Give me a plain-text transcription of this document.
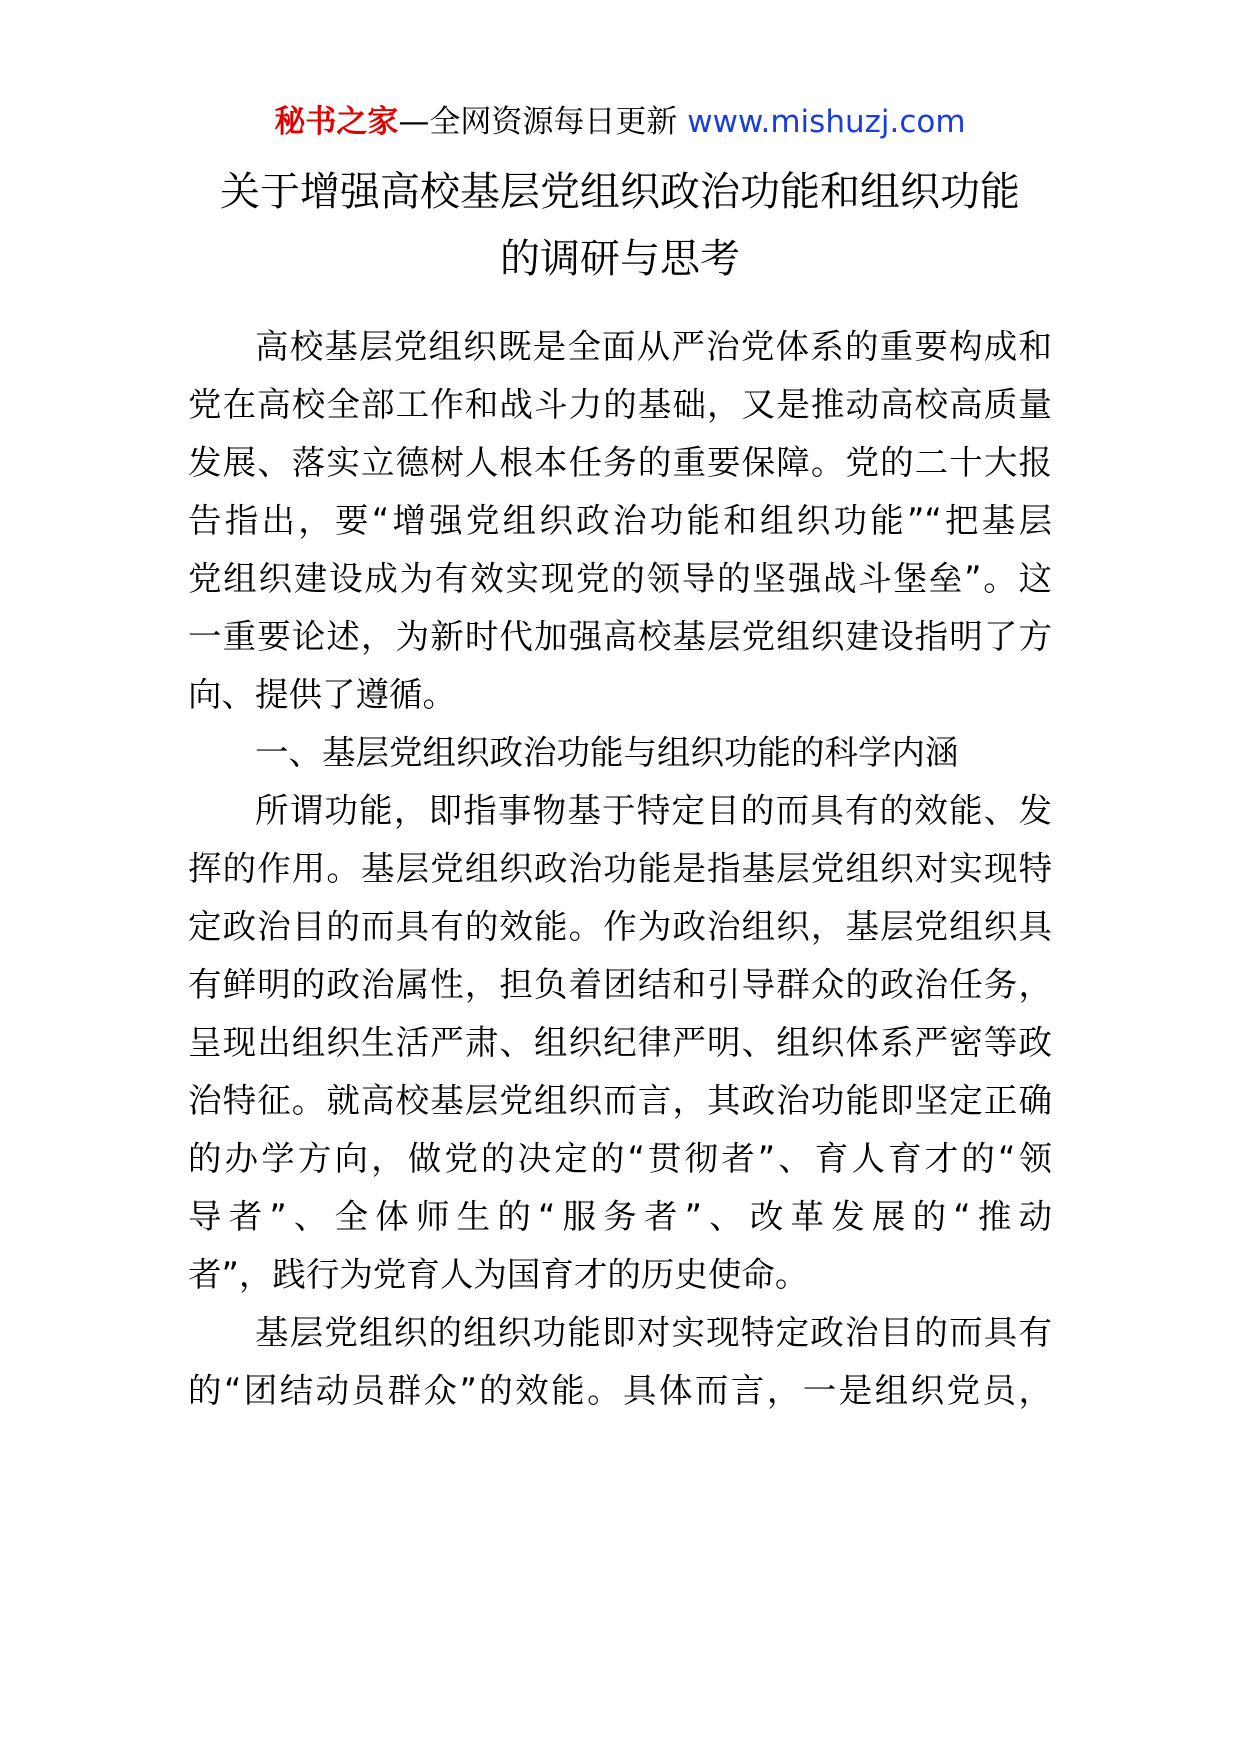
秘书之家—全网资源每日更新 www.mishuzj.com
关于增强高校基层党组织政治功能和组织功能
的调研与思考
高校基层党组织既是全面从严治党体系的重要构成和
党在高校全部工作和战斗力的基础，又是推动高校高质量
发展、落实立德树人根本任务的重要保障。党的二十大报
告指出，要“增强党组织政治功能和组织功能”“把基层
党组织建设成为有效实现党的领导的坚强战斗堡垒”。这
一重要论述，为新时代加强高校基层党组织建设指明了方
向、提供了遵循。
一、基层党组织政治功能与组织功能的科学内涵
所谓功能，即指事物基于特定目的而具有的效能、发
挥的作用。基层党组织政治功能是指基层党组织对实现特
定政治目的而具有的效能。作为政治组织，基层党组织具
有鲜明的政治属性，担负着团结和引导群众的政治任务，
呈现出组织生活严肃、组织纪律严明、组织体系严密等政
治特征。就高校基层党组织而言，其政治功能即坚定正确
的办学方向，做党的决定的“贯彻者”、育人育才的“领
导者”、全体师生的“服务者”、改革发展的“推动
者”，践行为党育人为国育才的历史使命。
基层党组织的组织功能即对实现特定政治目的而具有
的“团结动员群众”的效能。具体而言，一是组织党员，
